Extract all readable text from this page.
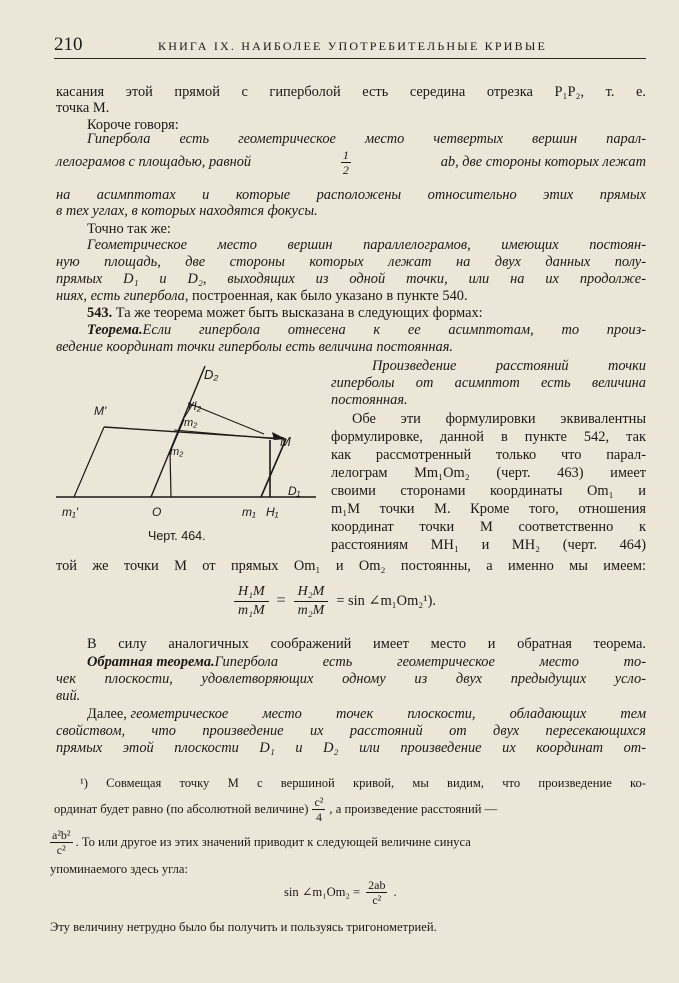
210	КНИГА IX. НАИБОЛЕЕ УПОТРЕБИТЕЛЬНЫЕ КРИВЫЕ
касания этой прямой с гиперболой есть середина отрезка P₁P₂, т. е.
точка M.
Короче говоря:
Гипербола есть геометрическое место четвертых вершин парал-
лелограмов с площадью, равной	$\frac{1}{2}$	ab, две стороны которых лежат
на асимптотах и которые расположены относительно этих прямых
в тех углах, в которых находятся фокусы.
Точно так же:
Геометрическое место вершин параллелограмов, имеющих постоян-
ную площадь, две стороны которых лежат на двух данных полу-
прямых D₁ и D₂, выходящих из одной точки, или на их продолже-
ниях, есть гипербола, построенная, как было указано в пункте 540.
543. Та же теорема может быть высказана в следующих формах:
Теорема. Если гипербола отнесена к ее асимптотам, то произ-
ведение координат точки гиперболы есть величина постоянная.
Произведение расстояний точки
гиперболы от асимптот есть величина
постоянная.
Обе эти формулировки эквивалентны
формулировке, данной в пункте 542, так
как рассмотренный только что парал-
лелограм Mm₁Om₂ (черт. 463) имеет
своими сторонами координаты Om₁ и
m₁M точки M. Кроме того, отношения
координат точки M соответственно к
расстояниям MH₁ и MH₂ (черт. 464)
D₂
H₂
M'
m₂
m₂
M
D₁
m₁'	O	m₁ H₁
Черт. 464.
той же точки M от прямых Om₁ и Om₂ постоянны, а именно мы имеем:
$\frac{\text{H₁M}}{\text{m₁M}} = \frac{\text{H₂M}}{\text{m₂M}} = \sin$ ∠m₁Om₂¹).
В силу аналогичных соображений имеет место и обратная теорема.
Обратная теорема. Гипербола есть геометрическое место то-
чек плоскости, удовлетворяющих одному из двух предыдущих усло-
вий.
Далее, геометрическое место точек плоскости, обладающих тем
свойством, что произведение их расстояний от двух пересекающихся
прямых этой плоскости D₁ и D₂ или произведение их координат от-
¹) Совмещая точку M с вершиной кривой, мы видим, что произведение ко-
ординат будет равно (по абсолютной величине) $\frac{\text{c²}}{4}$ , а произведение расстояний —
$\frac{\text{a²b²}}{\text{c²}}$ . То или другое из этих значений приводит к следующей величине синуса
упоминаемого здесь угла:
sin ∠m₁Om₂ = $\frac{2ab}{\text{c²}}$ .
Эту величину нетрудно было бы получить и пользуясь тригонометрией.
